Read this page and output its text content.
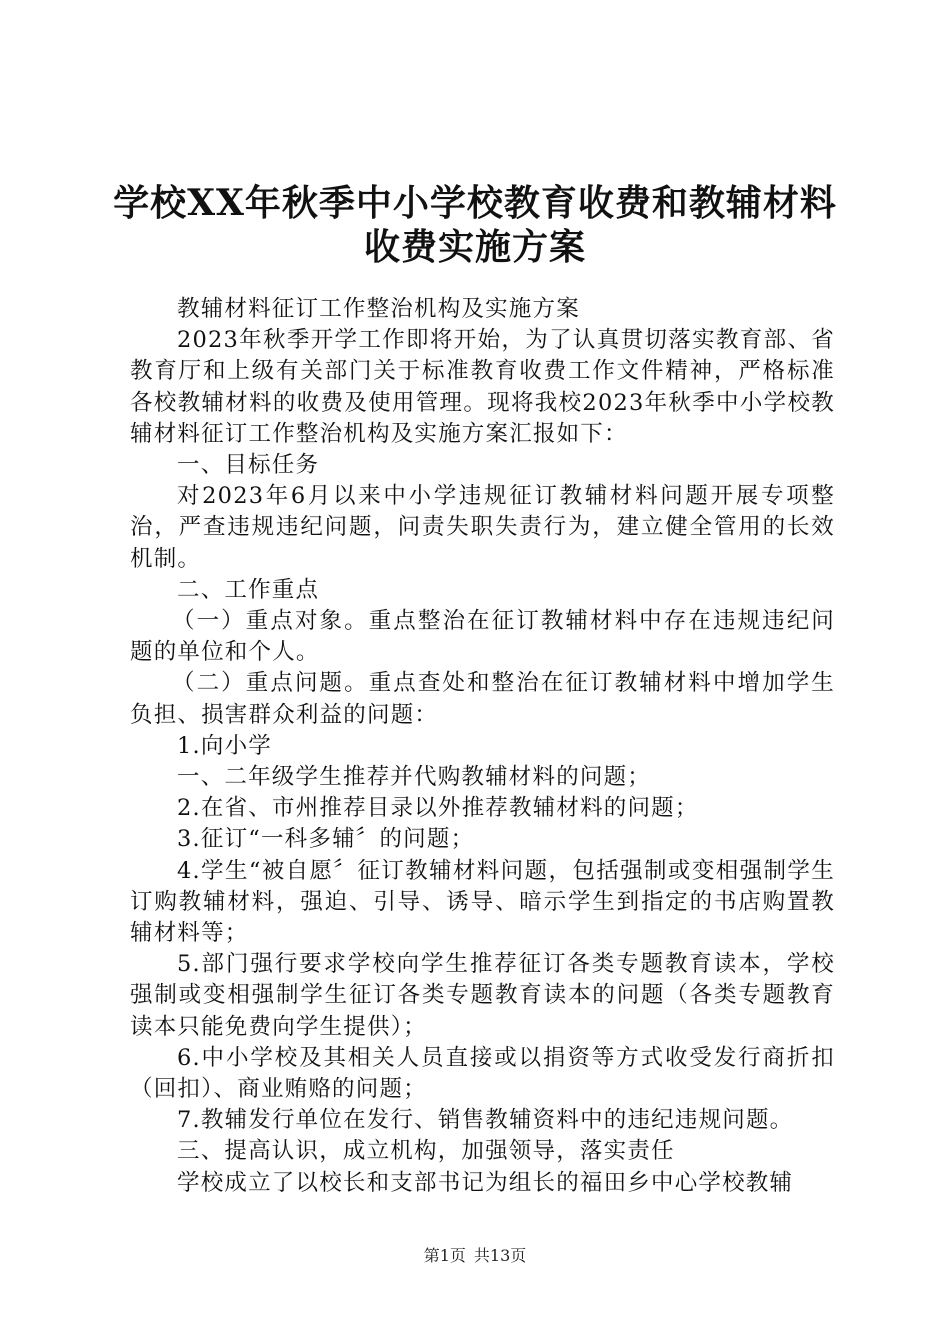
学校XX年秋季中小学校教育收费和教辅材料
收费实施方案

教辅材料征订工作整治机构及实施方案

2023年秋季开学工作即将开始，为了认真贯切落实教育部、省教育厅和上级有关部门关于标准教育收费工作文件精神，严格标准各校教辅材料的收费及使用管理。现将我校2023年秋季中小学校教辅材料征订工作整治机构及实施方案汇报如下：

一、目标任务

对2023年6月以来中小学违规征订教辅材料问题开展专项整治，严查违规违纪问题，问责失职失责行为，建立健全管用的长效机制。

二、工作重点

（一）重点对象。重点整治在征订教辅材料中存在违规违纪问题的单位和个人。

（二）重点问题。重点查处和整治在征订教辅材料中增加学生负担、损害群众利益的问题：

1.向小学

一、二年级学生推荐并代购教辅材料的问题；

2.在省、市州推荐目录以外推荐教辅材料的问题；

3.征订“一科多辅〞的问题；

4.学生“被自愿〞征订教辅材料问题，包括强制或变相强制学生订购教辅材料，强迫、引导、诱导、暗示学生到指定的书店购置教辅材料等；

5.部门强行要求学校向学生推荐征订各类专题教育读本，学校强制或变相强制学生征订各类专题教育读本的问题（各类专题教育读本只能免费向学生提供）；

6.中小学校及其相关人员直接或以捐资等方式收受发行商折扣（回扣）、商业贿赂的问题；

7.教辅发行单位在发行、销售教辅资料中的违纪违规问题。

三、提高认识，成立机构，加强领导，落实责任

学校成立了以校长和支部书记为组长的福田乡中心学校教辅

第1页 共13页
